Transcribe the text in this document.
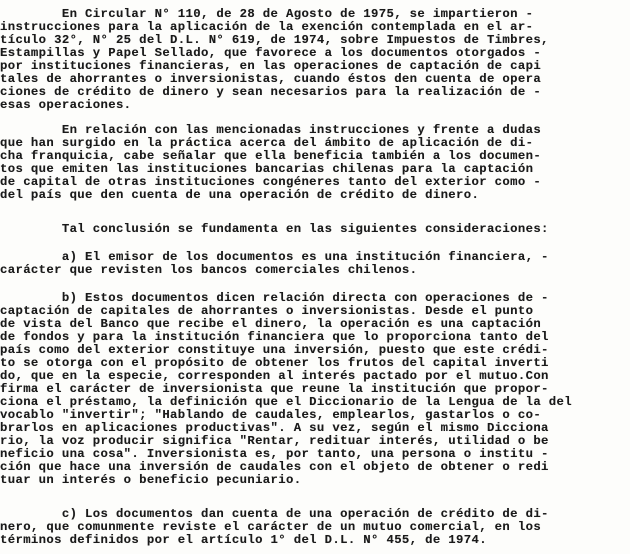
En Circular N° 110, de 28 de Agosto de 1975, se impartieron -
instrucciones para la aplicación de la exención contemplada en el ar-
tículo 32°, N° 25 del D.L. N° 619, de 1974, sobre Impuestos de Timbres,
Estampillas y Papel Sellado, que favorece a los documentos otorgados -
por instituciones financieras, en las operaciones de captación de capi
tales de ahorrantes o inversionistas, cuando éstos den cuenta de opera
ciones de crédito de dinero y sean necesarios para la realización de -
esas operaciones.
En relación con las mencionadas instrucciones y frente a dudas
que han surgido en la práctica acerca del ámbito de aplicación de di-
cha franquicia, cabe señalar que ella beneficia también a los documen-
tos que emiten las instituciones bancarias chilenas para la captación
de capital de otras instituciones congéneres tanto del exterior como -
del país que den cuenta de una operación de crédito de dinero.
Tal conclusión se fundamenta en las siguientes consideraciones:
a) El emisor de los documentos es una institución financiera, -
carácter que revisten los bancos comerciales chilenos.
b) Estos documentos dicen relación directa con operaciones de -
captación de capitales de ahorrantes o inversionistas. Desde el punto
de vista del Banco que recibe el dinero, la operación es una captación
de fondos y para la institución financiera que lo proporciona tanto del
país como del exterior constituye una inversión, puesto que este crédi-
to se otorga con el propósito de obtener los frutos del capital inverti
do, que en la especie, corresponden al interés pactado por el mutuo.Con
firma el carácter de inversionista que reune la institución que propor-
ciona el préstamo, la definición que el Diccionario de la Lengua de la del
vocablo "invertir"; "Hablando de caudales, emplearlos, gastarlos o co-
brarlos en aplicaciones productivas". A su vez, según el mismo Dicciona
rio, la voz producir significa "Rentar, redituar interés, utilidad o be
neficio una cosa". Inversionista es, por tanto, una persona o institu -
ción que hace una inversión de caudales con el objeto de obtener o redi
tuar un interés o beneficio pecuniario.
c) Los documentos dan cuenta de una operación de crédito de di-
nero, que comunmente reviste el carácter de un mutuo comercial, en los
términos definidos por el artículo 1° del D.L. N° 455, de 1974.
